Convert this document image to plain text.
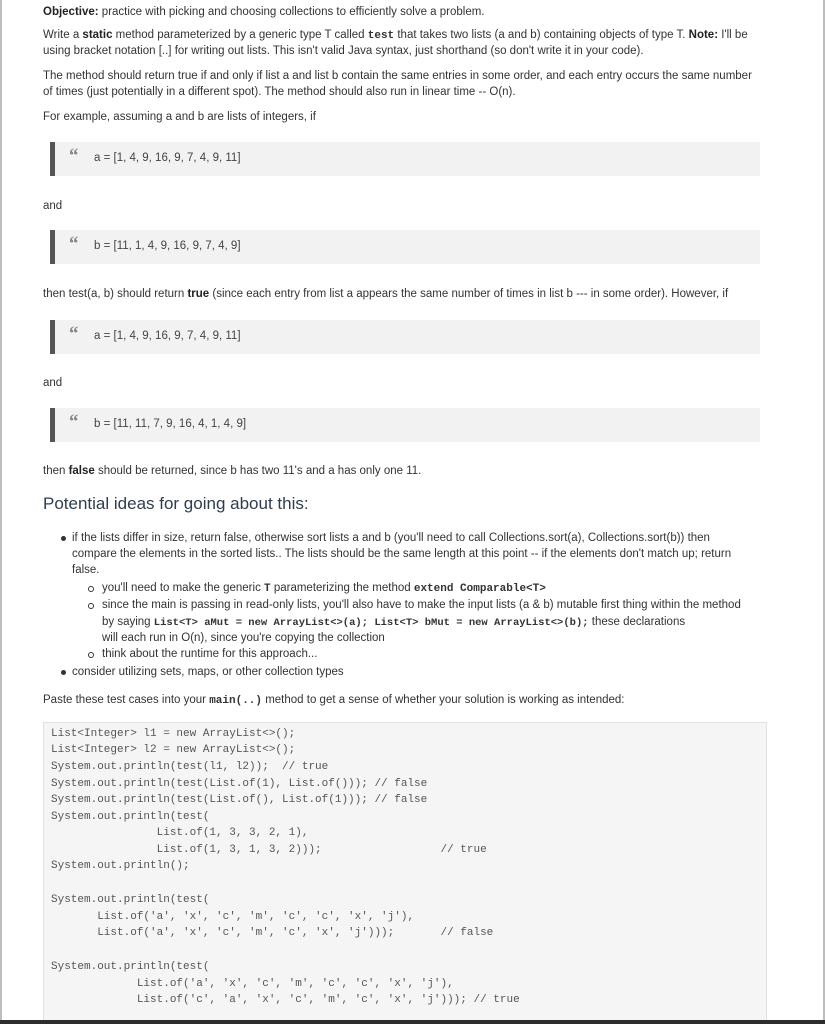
Objective: practice with picking and choosing collections to efficiently solve a problem.

Write a static method parameterized by a generic type T called test that takes two lists (a and b) containing objects of type T. Note: I'll be

using bracket notation [..] for writing out lists. This isn't valid Java syntax, just shorthand (so don't write it in your code).

The method should return true if and only if list a and list b contain the same entries in some order, and each entry occurs the same number

of times (just potentially in a different spot). The method should also run in linear time -- O(n).

For example, assuming a and b are lists of integers, if

“ a = [1, 4, 9, 16, 9, 7, 4, 9, 11]

and

“ b = [11, 1, 4, 9, 16, 9, 7, 4, 9]

then test(a, b) should return true (since each entry from list a appears the same number of times in list b --- in some order). However, if

“ a = [1, 4, 9, 16, 9, 7, 4, 9, 11]

and

“ b = [11, 11, 7, 9, 16, 4, 1, 4, 9]

then false should be returned, since b has two 11's and a has only one 11.

Potential ideas for going about this:

if the lists differ in size, return false, otherwise sort lists a and b (you'll need to call Collections.sort(a), Collections.sort(b)) then

compare the elements in the sorted lists.. The lists should be the same length at this point -- if the elements don't match up; return

false.

you'll need to make the generic T parameterizing the method extend Comparable<T>

since the main is passing in read-only lists, you'll also have to make the input lists (a & b) mutable first thing within the method

by saying List<T> aMut = new ArrayList<>(a); List<T> bMut = new ArrayList<>(b); these declarations

will each run in O(n), since you're copying the collection

think about the runtime for this approach...

consider utilizing sets, maps, or other collection types

Paste these test cases into your main(..) method to get a sense of whether your solution is working as intended:

List<Integer> l1 = new ArrayList<>();
List<Integer> l2 = new ArrayList<>();
System.out.println(test(l1, l2));  // true
System.out.println(test(List.of(1), List.of())); // false
System.out.println(test(List.of(), List.of(1))); // false
System.out.println(test(
List.of(1, 3, 3, 2, 1),
List.of(1, 3, 1, 3, 2)));                  // true
System.out.println();
System.out.println(test(
List.of('a', 'x', 'c', 'm', 'c', 'c', 'x', 'j'),
List.of('a', 'x', 'c', 'm', 'c', 'x', 'j')));       // false
System.out.println(test(
List.of('a', 'x', 'c', 'm', 'c', 'c', 'x', 'j'),
List.of('c', 'a', 'x', 'c', 'm', 'c', 'x', 'j'))); // true
